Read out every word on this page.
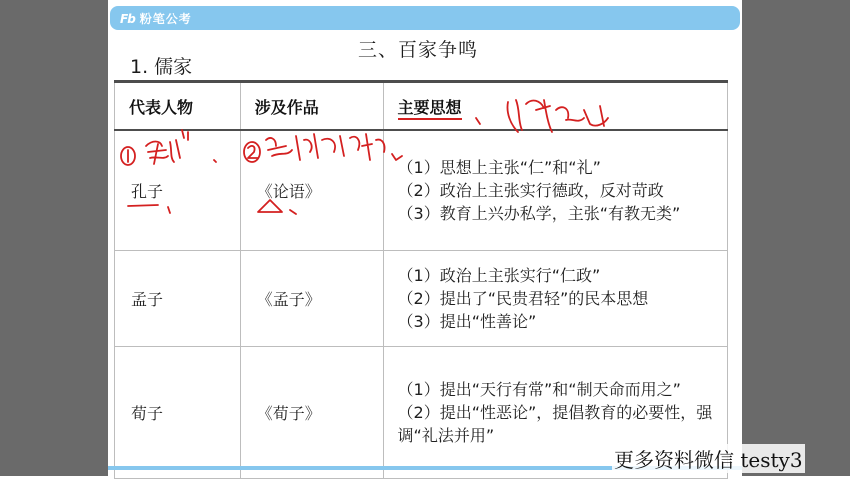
Fb 粉笔公考
三、百家争鸣
1. 儒家
代表人物	涉及作品	主要思想
孔子	《论语》	（1）思想上主张“仁”和“礼”
（2）政治上主张实行德政，反对苛政
（3）教育上兴办私学，主张“有教无类”

孟子	《孟子》	（1）政治上主张实行“仁政”
（2）提出了“民贵君轻”的民本思想
（3）提出“性善论”

荀子	《荀子》	（1）提出“天行有常”和“制天命而用之”
（2）提出“性恶论”，提倡教育的必要性，强调“礼法并用”
更多资料微信 testy3
